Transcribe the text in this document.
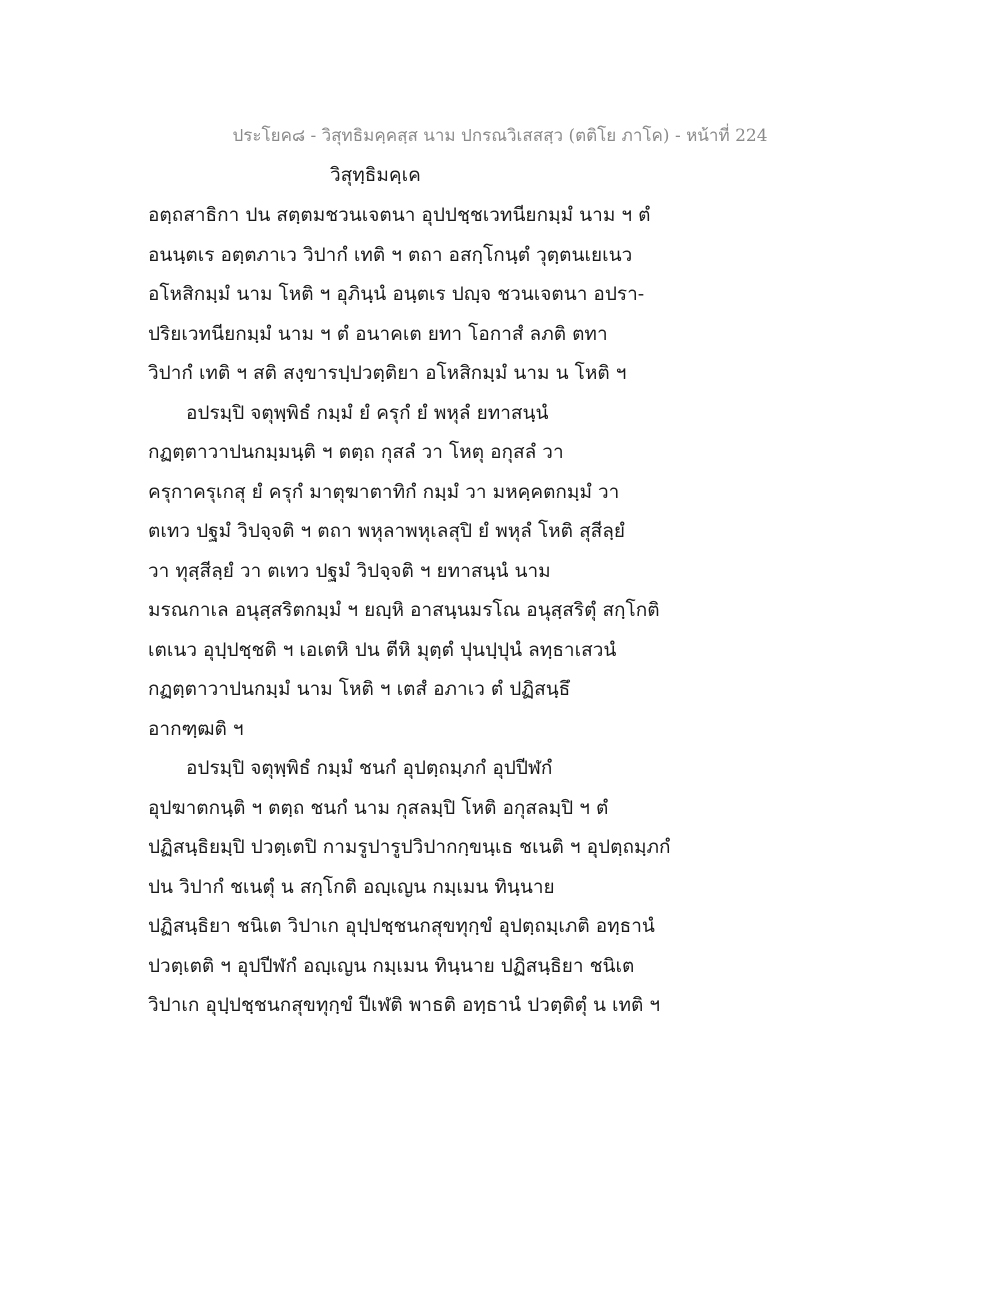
ประโยค๘ - วิสุทธิมคฺคสฺส นาม ปกรณวิเสสสฺว (ตติโย ภาโค) - หน้าที่ 224
วิสุทฺธิมคฺเค
อตฺถสาธิกา ปน สตฺตมชวนเจตนา อุปปชฺชเวทนียกมฺมํ นาม ฯ ตํ
อนนฺตเร อตฺตภาเว วิปากํ เทติ ฯ ตถา อสกฺโกนฺตํ วุตฺตนเยเนว
อโหสิกมฺมํ นาม โหติ ฯ อุภินฺนํ อนฺตเร ปญฺจ ชวนเจตนา อปรา-
ปริยเวทนียกมฺมํ นาม ฯ ตํ อนาคเต ยทา โอกาสํ ลภติ ตทา
วิปากํ เทติ ฯ สติ สงฺขารปฺปวตฺติยา อโหสิกมฺมํ นาม น โหติ ฯ
อปรมฺปิ จตุพฺพิธํ กมฺมํ ยํ ครุกํ ยํ พหุลํ ยทาสนฺนํ
กฏตฺตาวาปนกมฺมนฺติ ฯ ตตฺถ กุสลํ วา โหตุ อกุสลํ วา
ครุกาครุเกสุ ยํ ครุกํ มาตุฆาตาทิกํ กมฺมํ วา มหคฺคตกมฺมํ วา
ตเทว ปฐมํ วิปจฺจติ ฯ ตถา พหุลาพหุเลสุปิ ยํ พหุลํ โหติ สุสีลฺยํ
วา ทุสฺสีลฺยํ วา ตเทว ปฐมํ วิปจฺจติ ฯ ยทาสนฺนํ นาม
มรณกาเล อนุสฺสริตกมฺมํ ฯ ยญฺหิ อาสนฺนมรโณ อนุสฺสริตุํ สกฺโกติ
เตเนว อุปฺปชฺชติ ฯ เอเตหิ ปน ตีหิ มุตฺตํ ปุนปฺปุนํ ลทฺธาเสวนํ
กฏตฺตาวาปนกมฺมํ นาม โหติ ฯ เตสํ อภาเว ตํ ปฏิสนฺธึ
อากฑฺฒติ ฯ
อปรมฺปิ จตุพฺพิธํ กมฺมํ ชนกํ อุปตฺถมฺภกํ อุปปีฬกํ
อุปฆาตกนฺติ ฯ ตตฺถ ชนกํ นาม กุสลมฺปิ โหติ อกุสลมฺปิ ฯ ตํ
ปฏิสนฺธิยมฺปิ ปวตฺเตปิ กามรูปารูปวิปากกฺขนฺเธ ชเนติ ฯ อุปตฺถมฺภกํ
ปน วิปากํ ชเนตุํ น สกฺโกติ อญฺเญน กมฺเมน ทินฺนาย
ปฏิสนฺธิยา ชนิเต วิปาเก อุปฺปชฺชนกสุขทุกฺขํ อุปตฺถมฺเภติ อทฺธานํ
ปวตฺเตติ ฯ อุปปีฬกํ อญฺเญน กมฺเมน ทินฺนาย ปฏิสนฺธิยา ชนิเต
วิปาเก อุปฺปชฺชนกสุขทุกฺขํ ปีเฬติ พาธติ อทฺธานํ ปวตฺติตุํ น เทติ ฯ
